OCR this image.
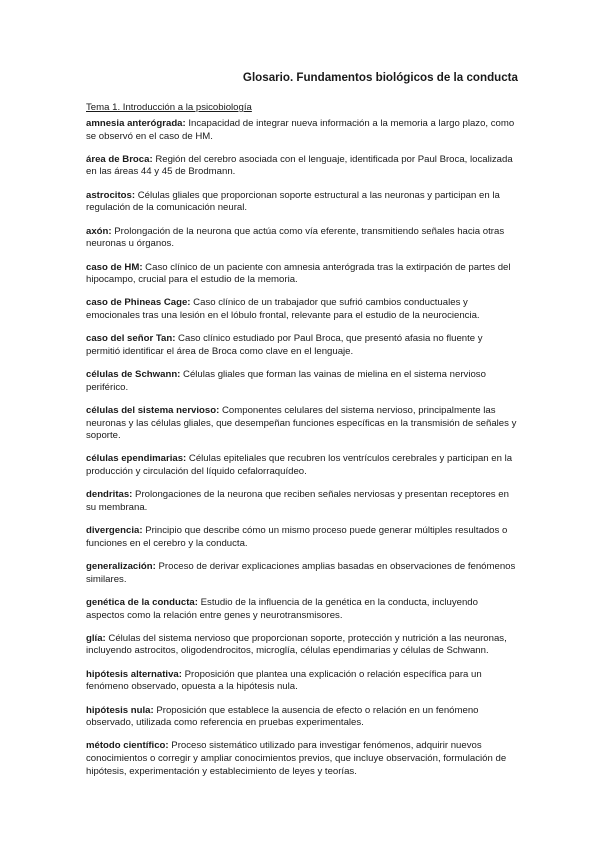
Glosario. Fundamentos biológicos de la conducta
Tema 1. Introducción a la psicobiología

amnesia anterógrada: Incapacidad de integrar nueva información a la memoria a largo plazo, como se observó en el caso de HM.

área de Broca: Región del cerebro asociada con el lenguaje, identificada por Paul Broca, localizada en las áreas 44 y 45 de Brodmann.

astrocitos: Células gliales que proporcionan soporte estructural a las neuronas y participan en la regulación de la comunicación neural.

axón: Prolongación de la neurona que actúa como vía eferente, transmitiendo señales hacia otras neuronas u órganos.

caso de HM: Caso clínico de un paciente con amnesia anterógrada tras la extirpación de partes del hipocampo, crucial para el estudio de la memoria.

caso de Phineas Cage: Caso clínico de un trabajador que sufrió cambios conductuales y emocionales tras una lesión en el lóbulo frontal, relevante para el estudio de la neurociencia.

caso del señor Tan: Caso clínico estudiado por Paul Broca, que presentó afasia no fluente y permitió identificar el área de Broca como clave en el lenguaje.

células de Schwann: Células gliales que forman las vainas de mielina en el sistema nervioso periférico.

células del sistema nervioso: Componentes celulares del sistema nervioso, principalmente las neuronas y las células gliales, que desempeñan funciones específicas en la transmisión de señales y soporte.

células ependimarias: Células epiteliales que recubren los ventrículos cerebrales y participan en la producción y circulación del líquido cefalorraquídeo.

dendritas: Prolongaciones de la neurona que reciben señales nerviosas y presentan receptores en su membrana.

divergencia: Principio que describe cómo un mismo proceso puede generar múltiples resultados o funciones en el cerebro y la conducta.

generalización: Proceso de derivar explicaciones amplias basadas en observaciones de fenómenos similares.

genética de la conducta: Estudio de la influencia de la genética en la conducta, incluyendo aspectos como la relación entre genes y neurotransmisores.

glía: Células del sistema nervioso que proporcionan soporte, protección y nutrición a las neuronas, incluyendo astrocitos, oligodendrocitos, microglía, células ependimarias y células de Schwann.

hipótesis alternativa: Proposición que plantea una explicación o relación específica para un fenómeno observado, opuesta a la hipótesis nula.

hipótesis nula: Proposición que establece la ausencia de efecto o relación en un fenómeno observado, utilizada como referencia en pruebas experimentales.

método científico: Proceso sistemático utilizado para investigar fenómenos, adquirir nuevos conocimientos o corregir y ampliar conocimientos previos, que incluye observación, formulación de hipótesis, experimentación y establecimiento de leyes y teorías.
